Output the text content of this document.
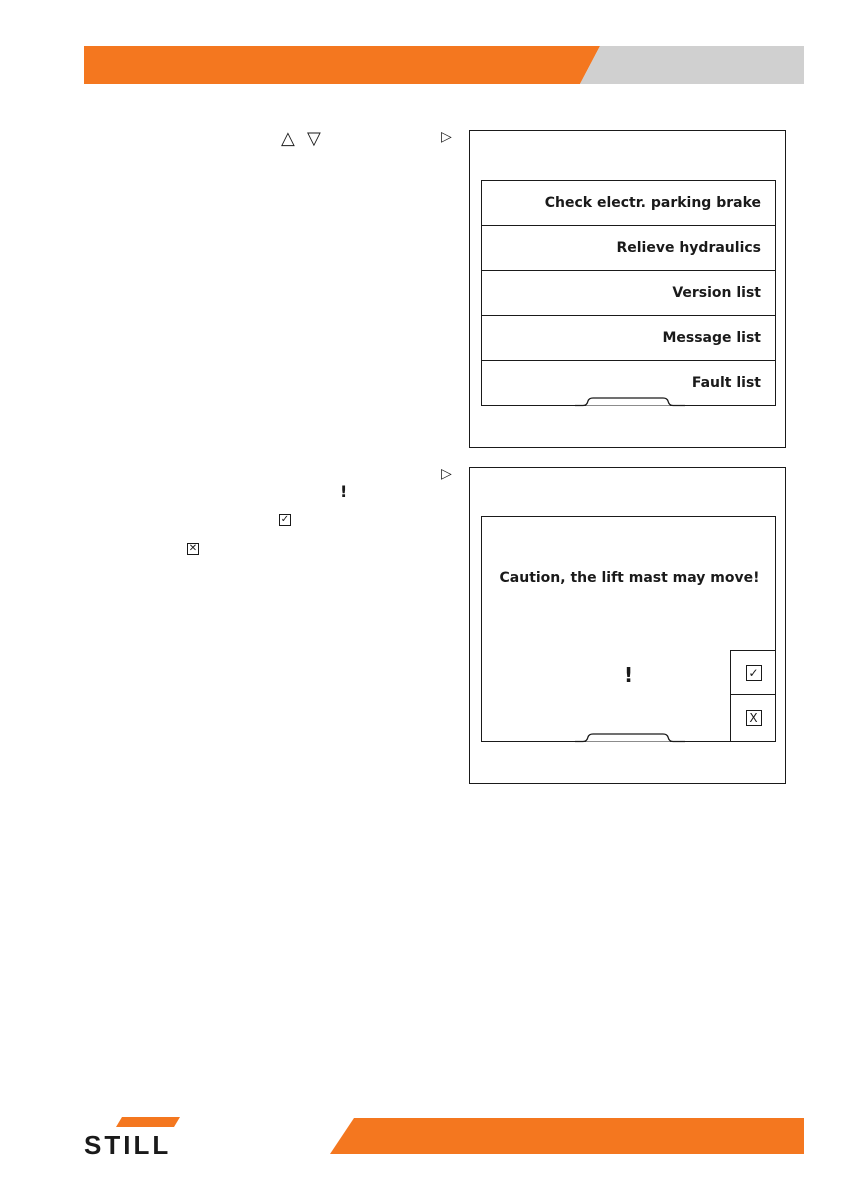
△ ▽
!
✓
✕
▷
Check electr. parking brake
Relieve hydraulics
Version list
Message list
Fault list
▷
Caution, the lift mast may move!
!	✓
X
STILL
